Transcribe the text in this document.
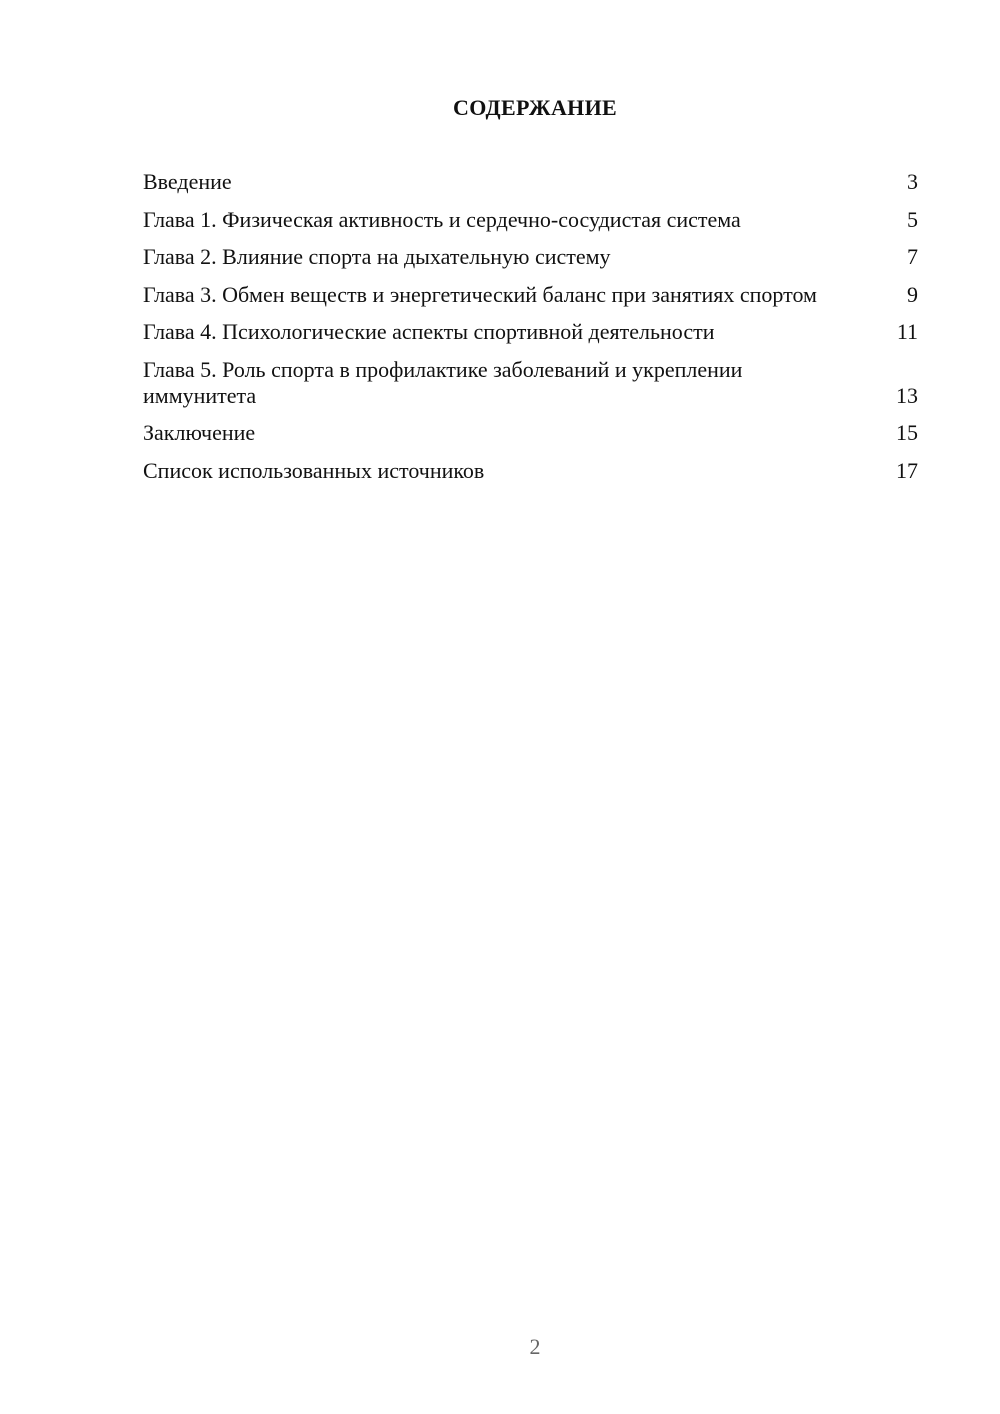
СОДЕРЖАНИЕ
Введение	3
Глава 1. Физическая активность и сердечно-сосудистая система	5
Глава 2. Влияние спорта на дыхательную систему	7
Глава 3. Обмен веществ и энергетический баланс при занятиях спортом	9
Глава 4. Психологические аспекты спортивной деятельности	11
Глава 5. Роль спорта в профилактике заболеваний и укреплении иммунитета	13
Заключение	15
Список использованных источников	17
2
